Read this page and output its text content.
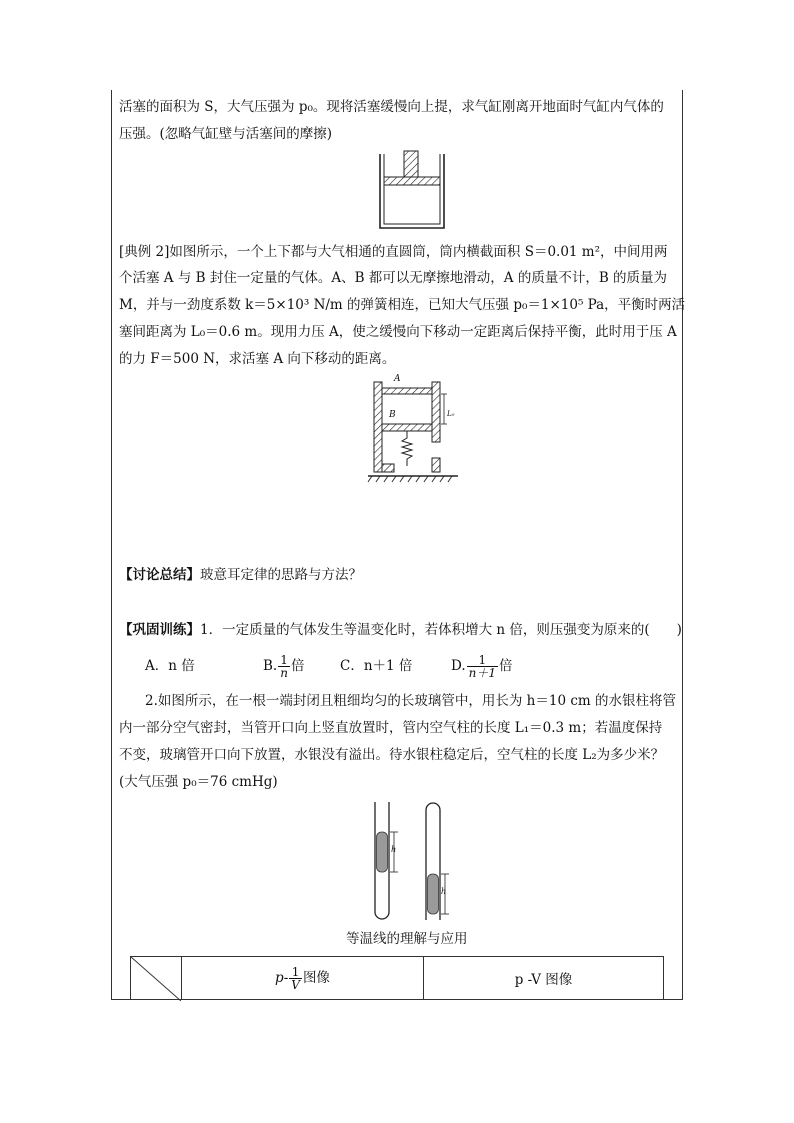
活塞的面积为 S，大气压强为 p₀。现将活塞缓慢向上提，求气缸刚离开地面时气缸内气体的
压强。(忽略气缸壁与活塞间的摩擦)
[典例 2]如图所示，一个上下都与大气相通的直圆筒，筒内横截面积 S＝0.01 m²，中间用两
个活塞 A 与 B 封住一定量的气体。A、B 都可以无摩擦地滑动，A 的质量不计，B 的质量为
M，并与一劲度系数 k＝5×10³ N/m 的弹簧相连，已知大气压强 p₀＝1×10⁵ Pa，平衡时两活
塞间距离为 L₀＝0.6 m。现用力压 A，使之缓慢向下移动一定距离后保持平衡，此时用于压 A
的力 F＝500 N，求活塞 A 向下移动的距离。
A
B	L₀
【讨论总结】玻意耳定律的思路与方法？
【巩固训练】1．一定质量的气体发生等温变化时，若体积增大 n 倍，则压强变为原来的(　　)
A．n 倍	B. $\frac{1}{n}$ 倍	C．n＋1 倍	D. $\frac{1}{n+1}$ 倍
2.如图所示，在一根一端封闭且粗细均匀的长玻璃管中，用长为 h＝10 cm 的水银柱将管
内一部分空气密封，当管开口向上竖直放置时，管内空气柱的长度 L₁＝0.3 m；若温度保持
不变，玻璃管开口向下放置，水银没有溢出。待水银柱稳定后，空气柱的长度 L₂为多少米？
(大气压强 p₀＝76 cmHg)
h
h
等温线的理解与应用
	$p- \frac{1}{V}$ 图像	p -V 图像
